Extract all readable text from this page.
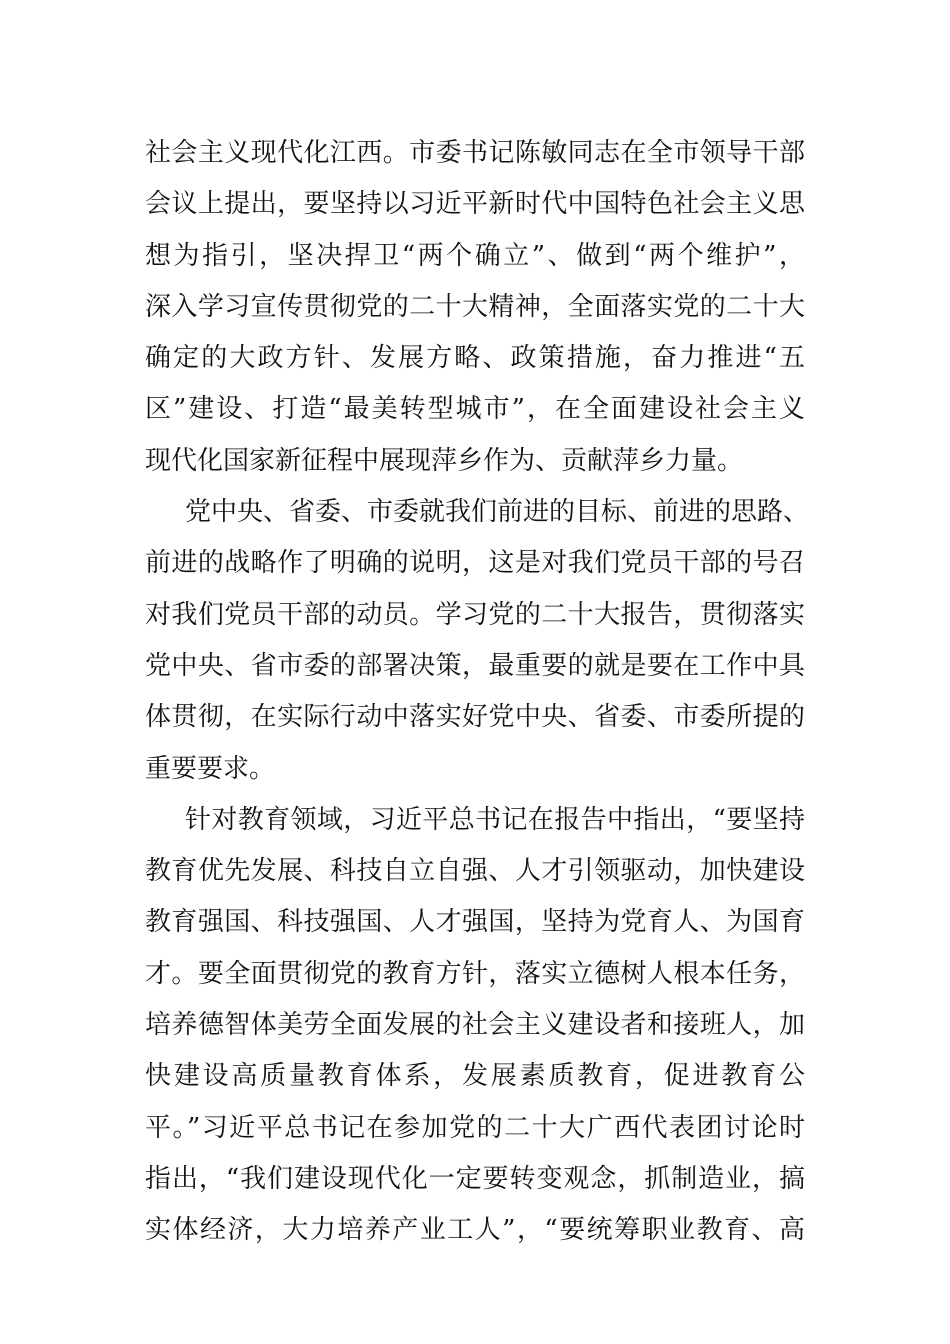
社会主义现代化江西。市委书记陈敏同志在全市领导干部
会议上提出，要坚持以习近平新时代中国特色社会主义思
想为指引，坚决捍卫“两个确立”、做到“两个维护”，
深入学习宣传贯彻党的二十大精神，全面落实党的二十大
确定的大政方针、发展方略、政策措施，奋力推进“五
区”建设、打造“最美转型城市”，在全面建设社会主义
现代化国家新征程中展现萍乡作为、贡献萍乡力量。
党中央、省委、市委就我们前进的目标、前进的思路、
前进的战略作了明确的说明，这是对我们党员干部的号召
对我们党员干部的动员。学习党的二十大报告，贯彻落实
党中央、省市委的部署决策，最重要的就是要在工作中具
体贯彻，在实际行动中落实好党中央、省委、市委所提的
重要要求。
针对教育领域，习近平总书记在报告中指出，“要坚持
教育优先发展、科技自立自强、人才引领驱动，加快建设
教育强国、科技强国、人才强国，坚持为党育人、为国育
才。要全面贯彻党的教育方针，落实立德树人根本任务，
培养德智体美劳全面发展的社会主义建设者和接班人，加
快建设高质量教育体系，发展素质教育，促进教育公
平。”习近平总书记在参加党的二十大广西代表团讨论时
指出，“我们建设现代化一定要转变观念，抓制造业，搞
实体经济，大力培养产业工人”，“要统筹职业教育、高
